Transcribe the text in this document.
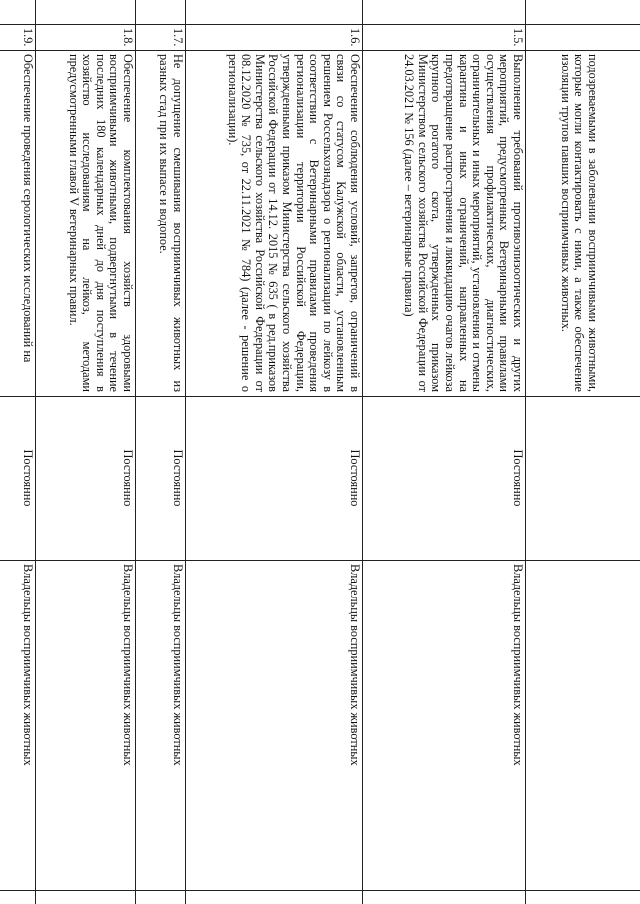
подозреваемыми в заболевании восприимчивыми животными, которые могли контактировать с ними, а также обеспечение изоляции трупов павших восприимчивых животных.
1.5.
Выполнение требований противоэпизоотических и других мероприятий, предусмотренных Ветеринарными правилами осуществления профилактических, диагностических, ограничительных и иных мероприятий, установления и отмены карантина и иных ограничений, направленных на предотвращение распространения и ликвидацию очагов лейкоза крупного рогатого скота, утвержденных приказом Министерством сельского хозяйства Российской Федерации от 24.03.2021 № 156 (далее – ветеринарные правила)
Постоянно
Владельцы восприимчивых животных
1.6.
Обеспечение соблюдения условий, запретов, ограничений в связи со статусом Калужской области, установленным решением Россельхознадзора о регионализации по лейкозу в соответствии с Ветеринарными правилами проведения регионализации территории Российской Федерации, утвержденными приказом Министерства сельского хозяйства Российской Федерации от 14.12. 2015 № 635 ( в ред.приказов Министерства сельского хозяйства Российской Федерации от 08.12.2020 № 735, от 22.11.2021 № 784) (далее - решение о регионализации).
Постоянно
Владельцы восприимчивых животных
1.7.
Не допущение смешивания восприимчивых животных из разных стад при их выпасе и водопое.
Постоянно
Владельцы восприимчивых животных
1.8.
Обеспечение комплектования хозяйств здоровыми восприимчивыми животными, подвергнутыми в течение последних 180 календарных дней до дня поступления в хозяйство исследованиям на лейкоз, методами предусмотренными главой V ветеринарных правил.
Постоянно
Владельцы восприимчивых животных
1.9.
Обеспечение проведения серологических исследований на
Постоянно
Владельцы восприимчивых животных
